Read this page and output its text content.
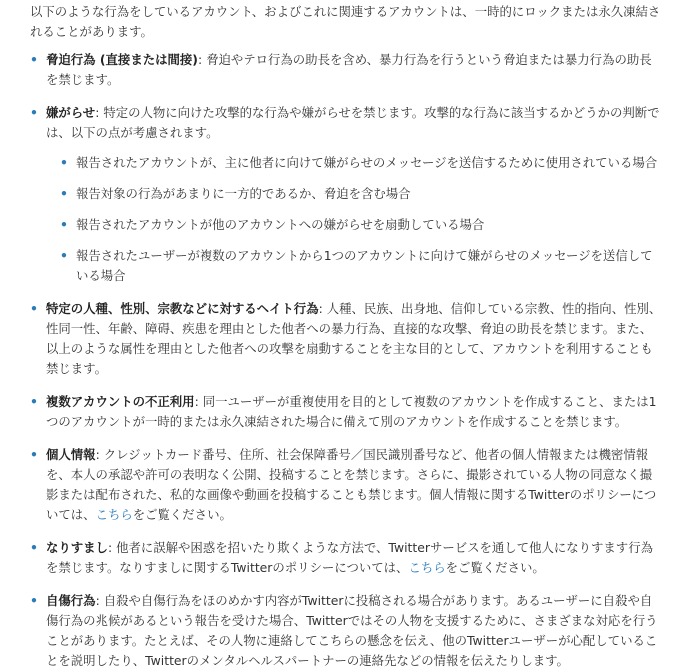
以下のような行為をしているアカウント、およびこれに関連するアカウントは、一時的にロックまたは永久凍結されることがあります。

• 脅迫行為 (直接または間接): 脅迫やテロ行為の助長を含め、暴力行為を行うという脅迫または暴力行為の助長を禁じます。
• 嫌がらせ: 特定の人物に向けた攻撃的な行為や嫌がらせを禁じます。攻撃的な行為に該当するかどうかの判断では、以下の点が考慮されます。
• 報告されたアカウントが、主に他者に向けて嫌がらせのメッセージを送信するために使用されている場合
• 報告対象の行為があまりに一方的であるか、脅迫を含む場合
• 報告されたアカウントが他のアカウントへの嫌がらせを扇動している場合
• 報告されたユーザーが複数のアカウントから1つのアカウントに向けて嫌がらせのメッセージを送信している場合
• 特定の人種、性別、宗教などに対するヘイト行為: 人種、民族、出身地、信仰している宗教、性的指向、性別、性同一性、年齢、障碍、疾患を理由とした他者への暴力行為、直接的な攻撃、脅迫の助長を禁じます。また、以上のような属性を理由とした他者への攻撃を扇動することを主な目的として、アカウントを利用することも禁じます。
• 複数アカウントの不正利用: 同一ユーザーが重複使用を目的として複数のアカウントを作成すること、または1つのアカウントが一時的または永久凍結された場合に備えて別のアカウントを作成することを禁じます。
• 個人情報: クレジットカード番号、住所、社会保障番号／国民識別番号など、他者の個人情報または機密情報を、本人の承認や許可の表明なく公開、投稿することを禁じます。さらに、撮影されている人物の同意なく撮影または配布された、私的な画像や動画を投稿することも禁じます。個人情報に関するTwitterのポリシーについては、こちらをご覧ください。
• なりすまし: 他者に誤解や困惑を招いたり欺くような方法で、Twitterサービスを通して他人になりすます行為を禁じます。なりすましに関するTwitterのポリシーについては、こちらをご覧ください。
• 自傷行為: 自殺や自傷行為をほのめかす内容がTwitterに投稿される場合があります。あるユーザーに自殺や自傷行為の兆候があるという報告を受けた場合、Twitterではその人物を支援するために、さまざまな対応を行うことがあります。たとえば、その人物に連絡してこちらの懸念を伝え、他のTwitterユーザーが心配していることを説明したり、Twitterのメンタルヘルスパートナーの連絡先などの情報を伝えたりします。
